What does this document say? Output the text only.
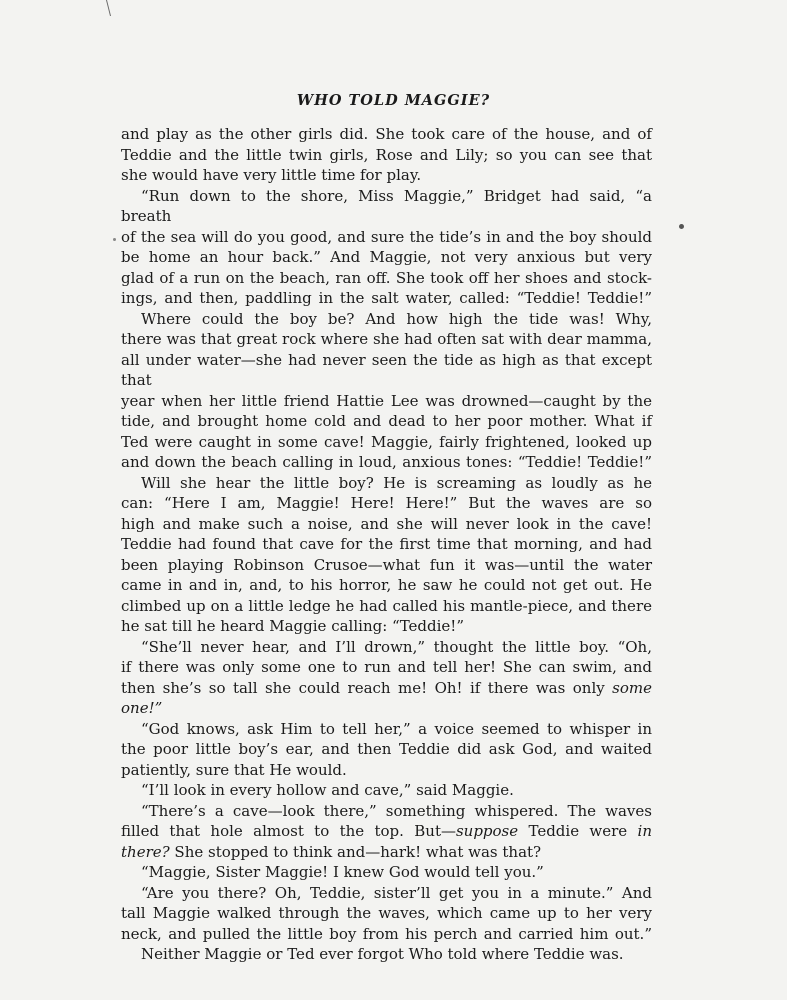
WHO TOLD MAGGIE?

and play as the other girls did. She took care of the house, and of

Teddie and the little twin girls, Rose and Lily; so you can see that

she would have very little time for play.

“Run down to the shore, Miss Maggie,” Bridget had said, “a breath

of the sea will do you good, and sure the tide’s in and the boy should

be home an hour back.” And Maggie, not very anxious but very

glad of a run on the beach, ran off. She took off her shoes and stock-

ings, and then, paddling in the salt water, called: “Teddie! Teddie!”

Where could the boy be? And how high the tide was! Why,

there was that great rock where she had often sat with dear mamma,

all under water—she had never seen the tide as high as that except that

year when her little friend Hattie Lee was drowned—caught by the

tide, and brought home cold and dead to her poor mother. What if

Ted were caught in some cave! Maggie, fairly frightened, looked up

and down the beach calling in loud, anxious tones: “Teddie! Teddie!”

Will she hear the little boy? He is screaming as loudly as he

can: “Here I am, Maggie! Here! Here!” But the waves are so

high and make such a noise, and she will never look in the cave!

Teddie had found that cave for the first time that morning, and had

been playing Robinson Crusoe—what fun it was—until the water

came in and in, and, to his horror, he saw he could not get out. He

climbed up on a little ledge he had called his mantle-piece, and there

he sat till he heard Maggie calling: “Teddie!”

“She’ll never hear, and I’ll drown,” thought the little boy. “Oh,

if there was only some one to run and tell her! She can swim, and

then she’s so tall she could reach me! Oh! if there was only some one!”

“God knows, ask Him to tell her,” a voice seemed to whisper in

the poor little boy’s ear, and then Teddie did ask God, and waited

patiently, sure that He would.

“I’ll look in every hollow and cave,” said Maggie.

“There’s a cave—look there,” something whispered. The waves

filled that hole almost to the top. But—suppose Teddie were in

there? She stopped to think and—hark! what was that?

“Maggie, Sister Maggie! I knew God would tell you.”

“Are you there? Oh, Teddie, sister’ll get you in a minute.” And

tall Maggie walked through the waves, which came up to her very

neck, and pulled the little boy from his perch and carried him out.”

Neither Maggie or Ted ever forgot Who told where Teddie was.
